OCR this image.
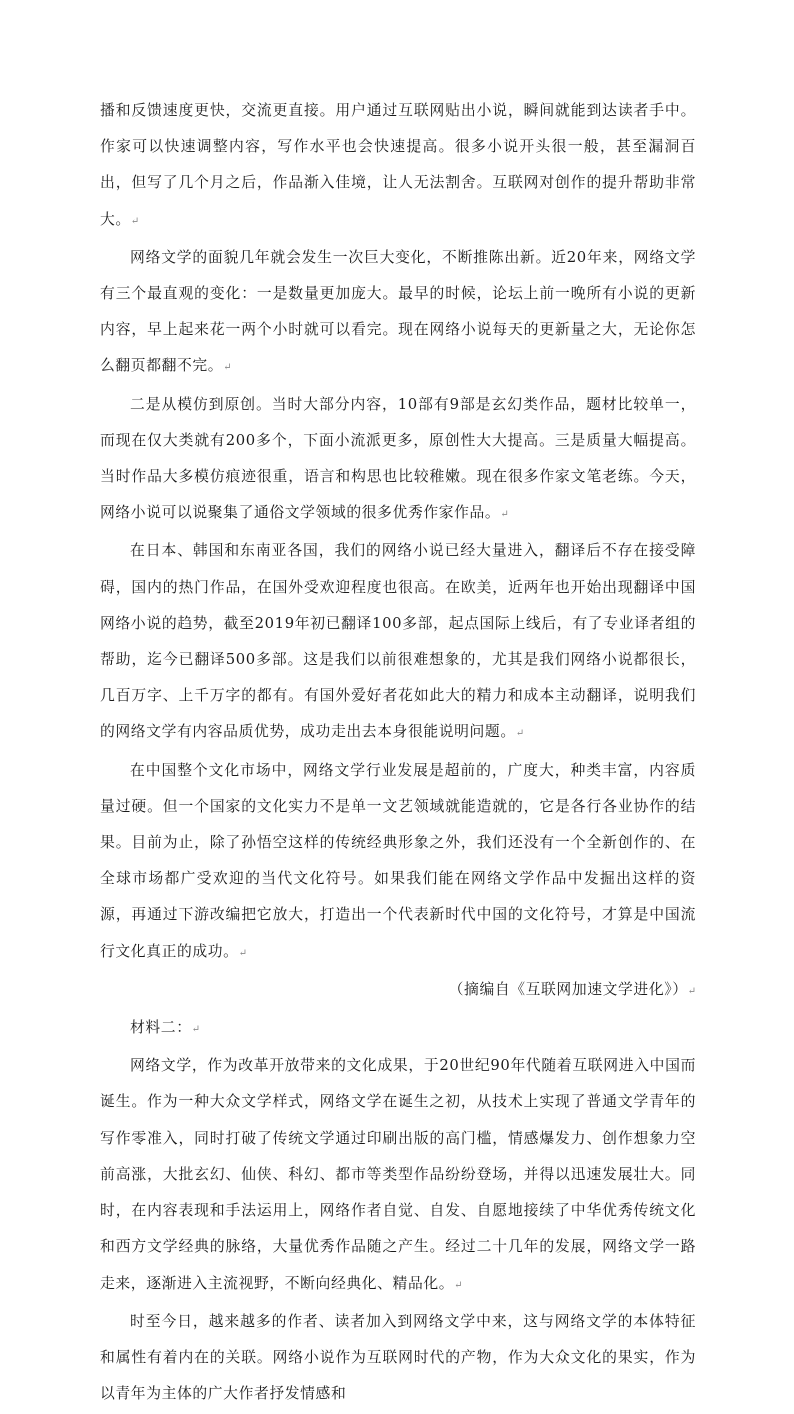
播和反馈速度更快，交流更直接。用户通过互联网贴出小说，瞬间就能到达读者手中。作家可以快速调整内容，写作水平也会快速提高。很多小说开头很一般，甚至漏洞百出，但写了几个月之后，作品渐入佳境，让人无法割舍。互联网对创作的提升帮助非常大。↵

网络文学的面貌几年就会发生一次巨大变化，不断推陈出新。近20年来，网络文学有三个最直观的变化：一是数量更加庞大。最早的时候，论坛上前一晚所有小说的更新内容，早上起来花一两个小时就可以看完。现在网络小说每天的更新量之大，无论你怎么翻页都翻不完。↵

二是从模仿到原创。当时大部分内容，10部有9部是玄幻类作品，题材比较单一，而现在仅大类就有200多个，下面小流派更多，原创性大大提高。三是质量大幅提高。当时作品大多模仿痕迹很重，语言和构思也比较稚嫩。现在很多作家文笔老练。今天，网络小说可以说聚集了通俗文学领域的很多优秀作家作品。↵

在日本、韩国和东南亚各国，我们的网络小说已经大量进入，翻译后不存在接受障碍，国内的热门作品，在国外受欢迎程度也很高。在欧美，近两年也开始出现翻译中国网络小说的趋势，截至2019年初已翻译100多部，起点国际上线后，有了专业译者组的帮助，迄今已翻译500多部。这是我们以前很难想象的，尤其是我们网络小说都很长，几百万字、上千万字的都有。有国外爱好者花如此大的精力和成本主动翻译，说明我们的网络文学有内容品质优势，成功走出去本身很能说明问题。↵

在中国整个文化市场中，网络文学行业发展是超前的，广度大，种类丰富，内容质量过硬。但一个国家的文化实力不是单一文艺领域就能造就的，它是各行各业协作的结果。目前为止，除了孙悟空这样的传统经典形象之外，我们还没有一个全新创作的、在全球市场都广受欢迎的当代文化符号。如果我们能在网络文学作品中发掘出这样的资源，再通过下游改编把它放大，打造出一个代表新时代中国的文化符号，才算是中国流行文化真正的成功。↵

（摘编自《互联网加速文学进化》）↵

材料二：↵

网络文学，作为改革开放带来的文化成果，于20世纪90年代随着互联网进入中国而诞生。作为一种大众文学样式，网络文学在诞生之初，从技术上实现了普通文学青年的写作零准入，同时打破了传统文学通过印刷出版的高门槛，情感爆发力、创作想象力空前高涨，大批玄幻、仙侠、科幻、都市等类型作品纷纷登场，并得以迅速发展壮大。同时，在内容表现和手法运用上，网络作者自觉、自发、自愿地接续了中华优秀传统文化和西方文学经典的脉络，大量优秀作品随之产生。经过二十几年的发展，网络文学一路走来，逐渐进入主流视野，不断向经典化、精品化。↵

时至今日，越来越多的作者、读者加入到网络文学中来，这与网络文学的本体特征和属性有着内在的关联。网络小说作为互联网时代的产物，作为大众文化的果实，作为以青年为主体的广大作者抒发情感和
